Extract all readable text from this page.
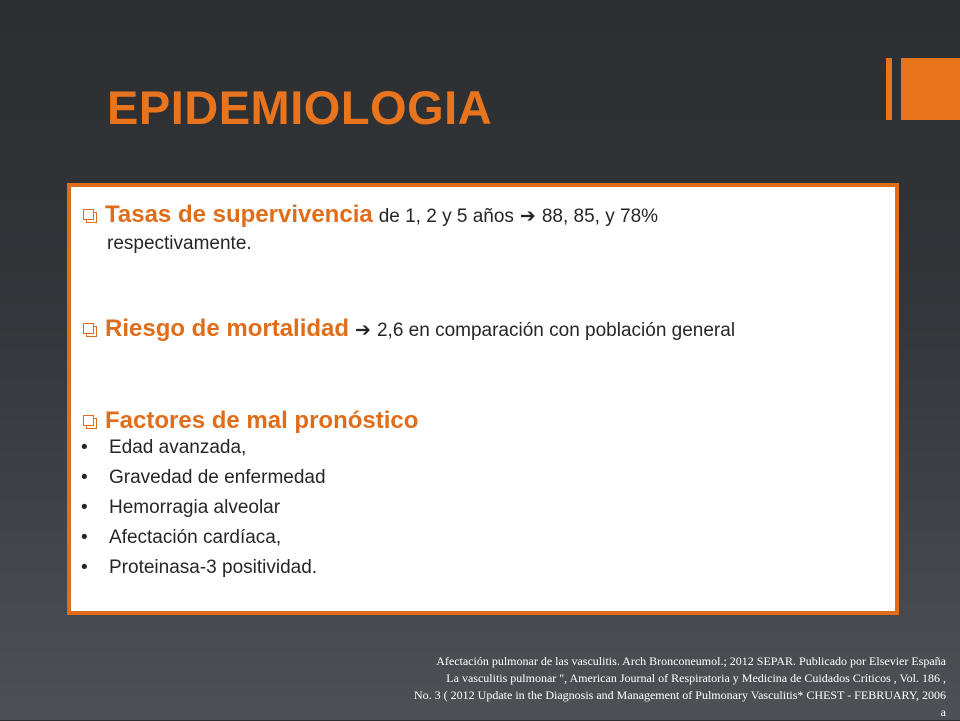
EPIDEMIOLOGIA
Tasas de supervivencia de 1, 2 y 5 años ➔ 88, 85, y 78%
respectivamente.
Riesgo de mortalidad ➔ 2,6 en comparación con población general
Factores de mal pronóstico
•	Edad avanzada,
•	Gravedad de enfermedad
•	Hemorragia alveolar
•	Afectación cardíaca,
•	Proteinasa-3 positividad.
Afectación pulmonar de las vasculitis. Arch Bronconeumol.; 2012 SEPAR. Publicado por Elsevier España
La vasculitis pulmonar ", American Journal of Respiratoria y Medicina de Cuidados Críticos , Vol. 186 ,
No. 3 ( 2012 Update in the Diagnosis and Management of Pulmonary Vasculitis* CHEST - FEBRUARY, 2006
a
